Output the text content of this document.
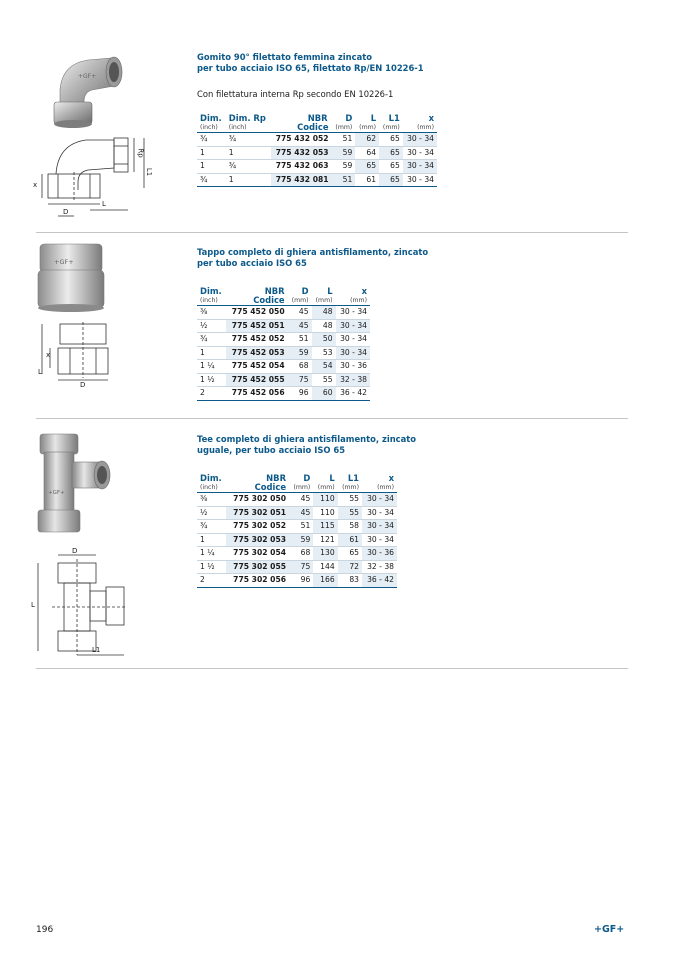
+GF+
Rp
L1
x
D
L
Gomito 90° filettato femmina zincato
per tubo acciaio ISO 65, filettato Rp/EN 10226-1
Con filettatura interna Rp secondo EN 10226-1
Dim.	Dim. Rp	NBR	D	L	L1	x
(inch)	(inch)	Codice	(mm)	(mm)	(mm)	(mm)
¾	¾	775 432 052	51	62	65	30 - 34
1	1	775 432 053	59	64	65	30 - 34
1	¾	775 432 063	59	65	65	30 - 34
¾	1	775 432 081	51	61	65	30 - 34
+GF+
x
L
D
Tappo completo di ghiera antisfilamento, zincato
per tubo acciaio ISO 65
Dim.	NBR	D	L	x
(inch)	Codice	(mm)	(mm)	(mm)
⅜	775 452 050	45	48	30 - 34
½	775 452 051	45	48	30 - 34
¾	775 452 052	51	50	30 - 34
1	775 452 053	59	53	30 - 34
1 ¼	775 452 054	68	54	30 - 36
1 ½	775 452 055	75	55	32 - 38
2	775 452 056	96	60	36 - 42
+GF+
D
L
L1
Tee completo di ghiera antisfilamento, zincato
uguale, per tubo acciaio ISO 65
Dim.	NBR	D	L	L1	x
(inch)	Codice	(mm)	(mm)	(mm)	(mm)
⅜	775 302 050	45	110	55	30 - 34
½	775 302 051	45	110	55	30 - 34
¾	775 302 052	51	115	58	30 - 34
1	775 302 053	59	121	61	30 - 34
1 ¼	775 302 054	68	130	65	30 - 36
1 ½	775 302 055	75	144	72	32 - 38
2	775 302 056	96	166	83	36 - 42
196	+GF+
